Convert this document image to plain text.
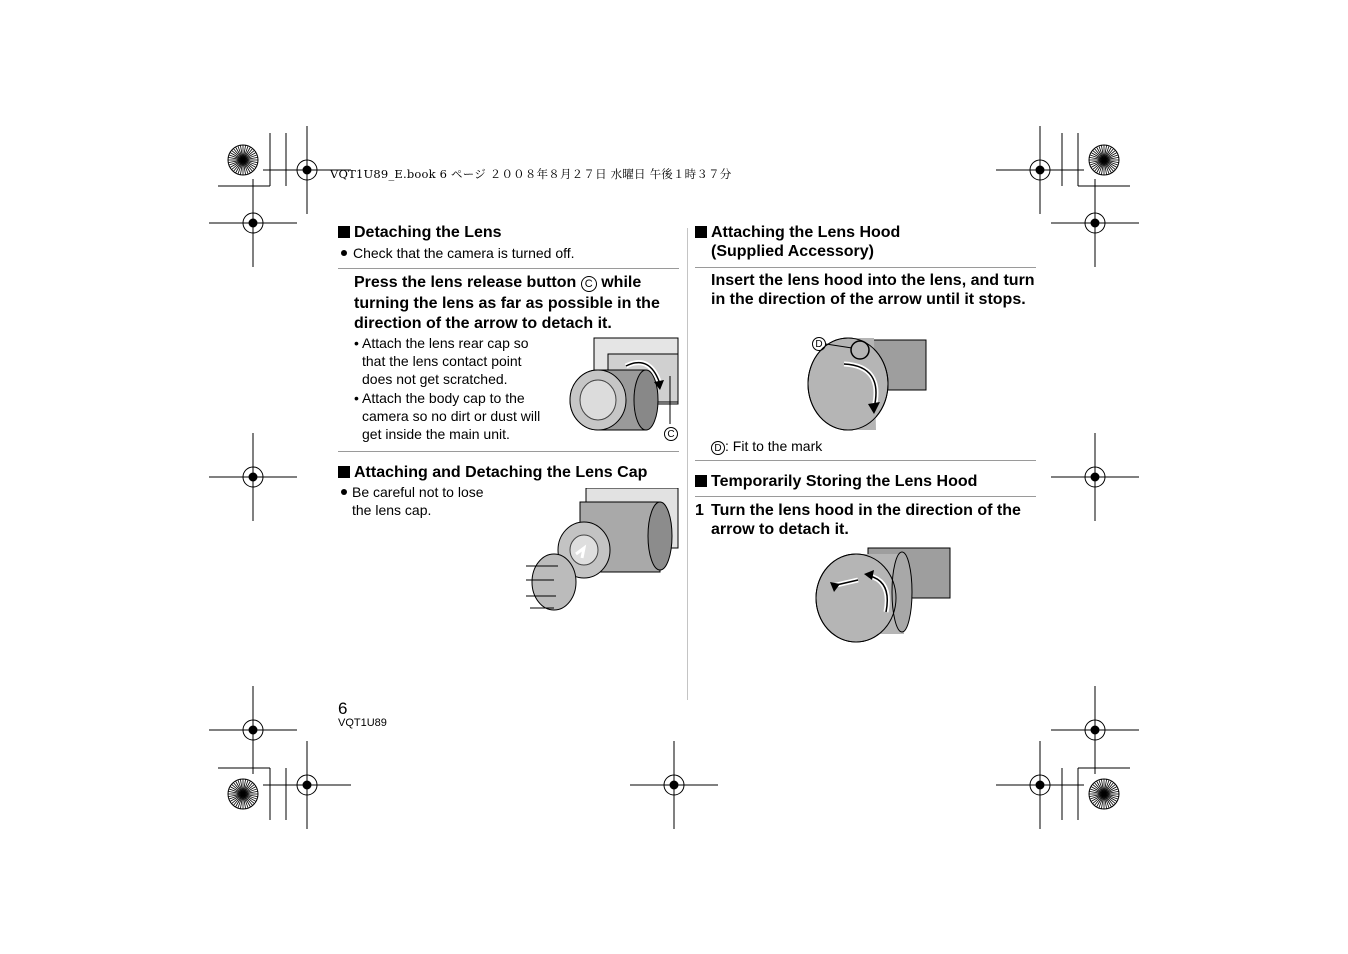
VQT1U89_E.book 6 ページ ２００８年８月２７日 水曜日 午後１時３７分
Detaching the Lens
Check that the camera is turned off.
Press the lens release button C while
turning the lens as far as possible in the
direction of the arrow to detach it.
• Attach the lens rear cap so that the lens contact point does not get scratched.
• Attach the body cap to the camera so no dirt or dust will get inside the main unit.	C
Attaching and Detaching the Lens Cap
Be careful not to lose the lens cap.
Attaching the Lens Hood
(Supplied Accessory)
Insert the lens hood into the lens, and turn in the direction of the arrow until it stops.
D
D : Fit to the mark
Temporarily Storing the Lens Hood
1 Turn the lens hood in the direction of the arrow to detach it.
6
VQT1U89
